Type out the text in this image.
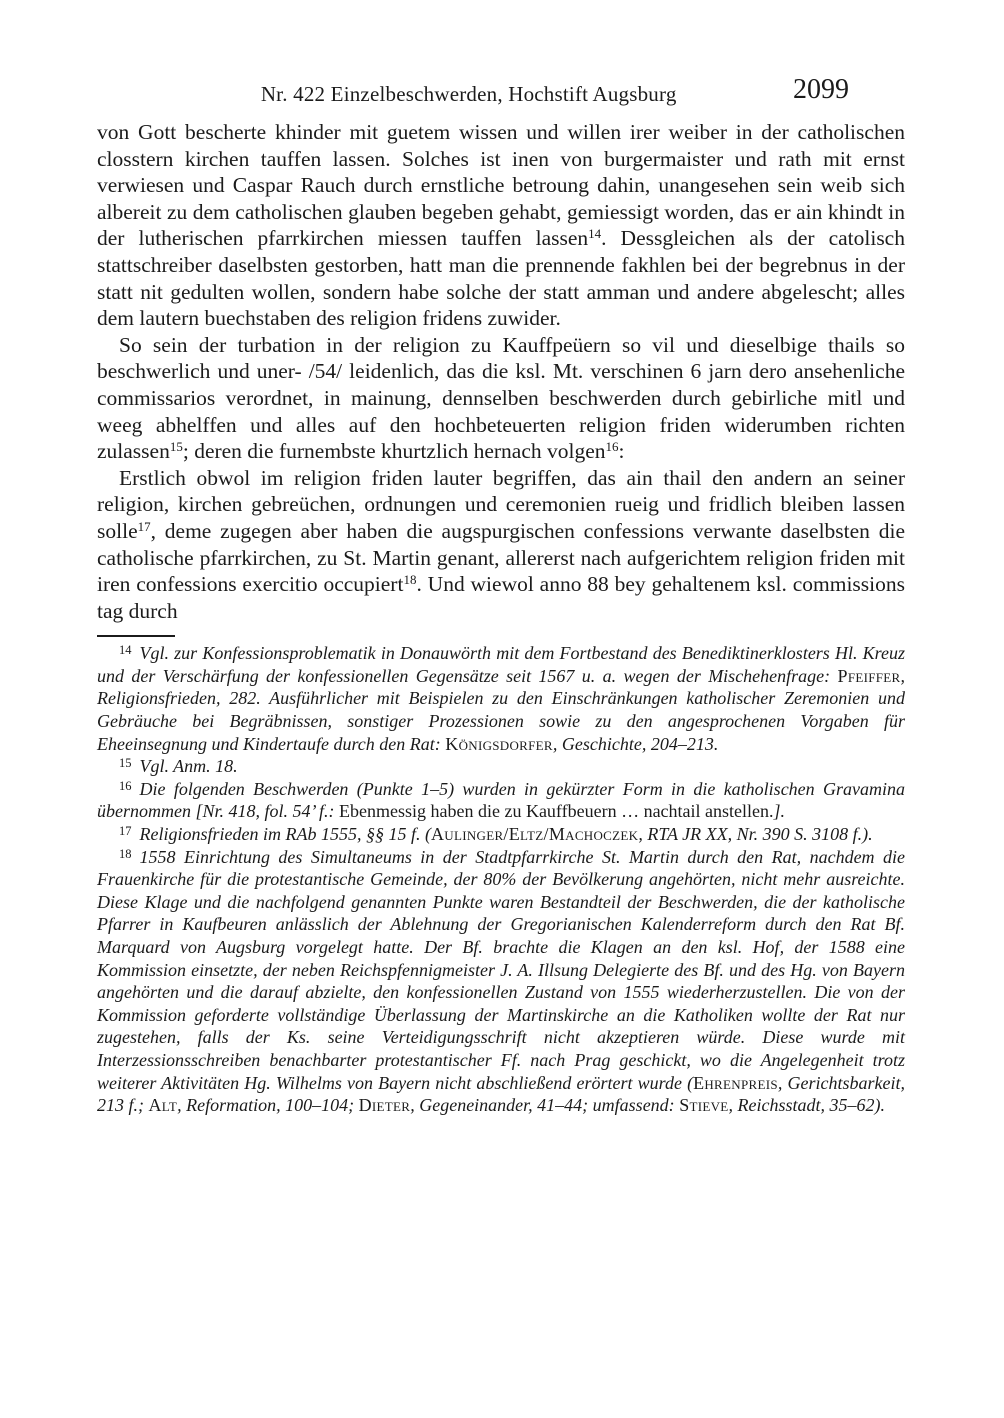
Nr. 422 Einzelbeschwerden, Hochstift Augsburg	2099

von Gott bescherte khinder mit guetem wissen und willen irer weiber in der catholischen closstern kirchen tauffen lassen. Solches ist inen von burgermaister und rath mit ernst verwiesen und Caspar Rauch durch ernstliche betroung dahin, unangesehen sein weib sich albereit zu dem catholischen glauben begeben gehabt, gemiessigt worden, das er ain khindt in der lutherischen pfarrkirchen miessen tauffen lassen$^{14}$. Dessgleichen als der catolisch stattschreiber daselbsten gestorben, hatt man die prennende fakhlen bei der begrebnus in der statt nit gedulten wollen, sondern habe solche der statt amman und andere abgelescht; alles dem lautern buechstaben des religion fridens zuwider.

So sein der turbation in der religion zu Kauffpeüern so vil und dieselbige thails so beschwerlich und uner- /54/ leidenlich, das die ksl. Mt. verschinen 6 jarn dero ansehenliche commissarios verordnet, in mainung, dennselben beschwerden durch gebirliche mitl und weeg abhelffen und alles auf den hochbeteuerten religion friden widerumben richten zulassen$^{15}$; deren die furnembste khurtzlich hernach volgen$^{16}$:

Erstlich obwol im religion friden lauter begriffen, das ain thail den andern an seiner religion, kirchen gebreüchen, ordnungen und ceremonien rueig und fridlich bleiben lassen solle$^{17}$, deme zugegen aber haben die augspurgischen confessions verwante daselbsten die catholische pfarrkirchen, zu St. Martin genant, allererst nach aufgerichtem religion friden mit iren confessions exercitio occupiert$^{18}$. Und wiewol anno 88 bey gehaltenem ksl. commissions tag durch

$^{14}$ Vgl. zur Konfessionsproblematik in Donauwörth mit dem Fortbestand des Benediktinerklosters Hl. Kreuz und der Verschärfung der konfessionellen Gegensätze seit 1567 u. a. wegen der Mischehenfrage: Pfeiffer, Religionsfrieden, 282. Ausführlicher mit Beispielen zu den Einschränkungen katholischer Zeremonien und Gebräuche bei Begräbnissen, sonstiger Prozessionen sowie zu den angesprochenen Vorgaben für Eheeinsegnung und Kindertaufe durch den Rat: Königsdorfer, Geschichte, 204–213.

$^{15}$ Vgl. Anm. 18.

$^{16}$ Die folgenden Beschwerden (Punkte 1–5) wurden in gekürzter Form in die katholischen Gravamina übernommen [Nr. 418, fol. 54’ f.: Ebenmessig haben die zu Kauffbeuern … nachtail anstellen.].

$^{17}$ Religionsfrieden im RAb 1555, §§ 15 f. (Aulinger/Eltz/Machoczek, RTA JR XX, Nr. 390 S. 3108 f.).

$^{18}$ 1558 Einrichtung des Simultaneums in der Stadtpfarrkirche St. Martin durch den Rat, nachdem die Frauenkirche für die protestantische Gemeinde, der 80% der Bevölkerung angehörten, nicht mehr ausreichte. Diese Klage und die nachfolgend genannten Punkte waren Bestandteil der Beschwerden, die der katholische Pfarrer in Kaufbeuren anlässlich der Ablehnung der Gregorianischen Kalenderreform durch den Rat Bf. Marquard von Augsburg vorgelegt hatte. Der Bf. brachte die Klagen an den ksl. Hof, der 1588 eine Kommission einsetzte, der neben Reichspfennigmeister J. A. Illsung Delegierte des Bf. und des Hg. von Bayern angehörten und die darauf abzielte, den konfessionellen Zustand von 1555 wiederherzustellen. Die von der Kommission geforderte vollständige Überlassung der Martinskirche an die Katholiken wollte der Rat nur zugestehen, falls der Ks. seine Verteidigungsschrift nicht akzeptieren würde. Diese wurde mit Interzessionsschreiben benachbarter protestantischer Ff. nach Prag geschickt, wo die Angelegenheit trotz weiterer Aktivitäten Hg. Wilhelms von Bayern nicht abschließend erörtert wurde (Ehrenpreis, Gerichtsbarkeit, 213 f.; Alt, Reformation, 100–104; Dieter, Gegeneinander, 41–44; umfassend: Stieve, Reichsstadt, 35–62).
